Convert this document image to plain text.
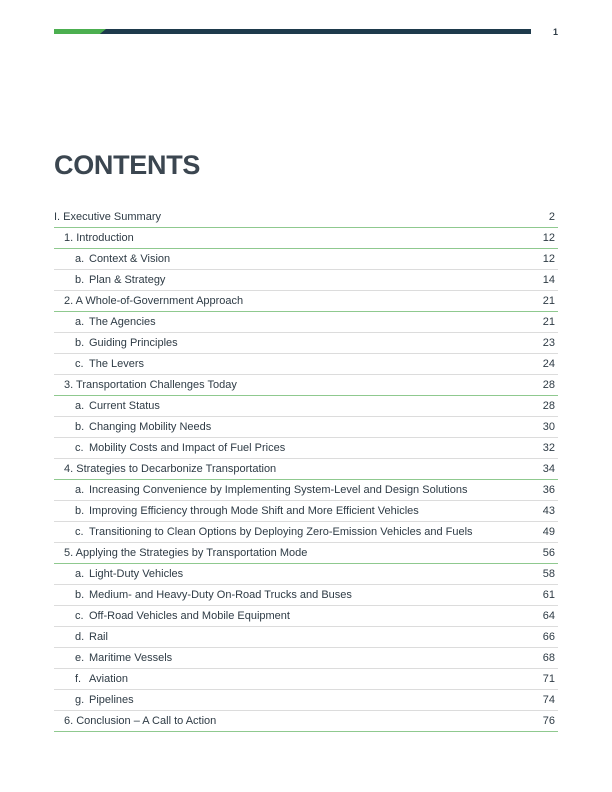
1
CONTENTS
I. Executive Summary	2
1. Introduction	12
a. Context & Vision	12
b. Plan & Strategy	14
2. A Whole-of-Government Approach	21
a. The Agencies	21
b. Guiding Principles	23
c. The Levers	24
3. Transportation Challenges Today	28
a. Current Status	28
b. Changing Mobility Needs	30
c. Mobility Costs and Impact of Fuel Prices	32
4. Strategies to Decarbonize Transportation	34
a. Increasing Convenience by Implementing System-Level and Design Solutions	36
b. Improving Efficiency through Mode Shift and More Efficient Vehicles	43
c. Transitioning to Clean Options by Deploying Zero-Emission Vehicles and Fuels	49
5. Applying the Strategies by Transportation Mode	56
a. Light-Duty Vehicles	58
b. Medium- and Heavy-Duty On-Road Trucks and Buses	61
c. Off-Road Vehicles and Mobile Equipment	64
d. Rail	66
e. Maritime Vessels	68
f. Aviation	71
g. Pipelines	74
6. Conclusion – A Call to Action	76
